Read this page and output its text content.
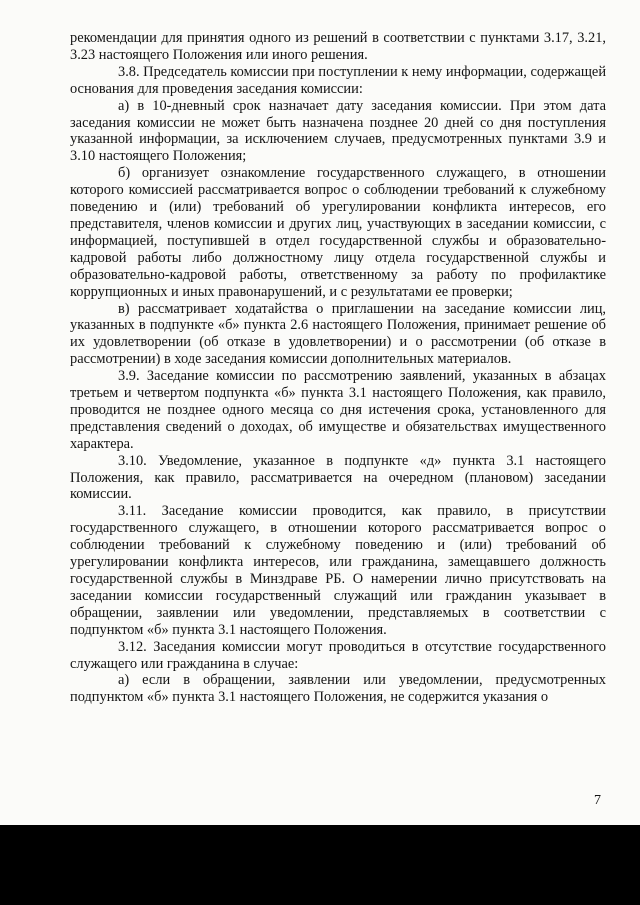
рекомендации для принятия одного из решений в соответствии с пунктами 3.17, 3.21, 3.23 настоящего Положения или иного решения.

3.8. Председатель комиссии при поступлении к нему информации, содержащей основания для проведения заседания комиссии:

а) в 10-дневный срок назначает дату заседания комиссии. При этом дата заседания комиссии не может быть назначена позднее 20 дней со дня поступления указанной информации, за исключением случаев, предусмотренных пунктами 3.9 и 3.10 настоящего Положения;

б) организует ознакомление государственного служащего, в отношении которого комиссией рассматривается вопрос о соблюдении требований к служебному поведению и (или) требований об урегулировании конфликта интересов, его представителя, членов комиссии и других лиц, участвующих в заседании комиссии, с информацией, поступившей в отдел государственной службы и образовательно-кадровой работы либо должностному лицу отдела государственной службы и образовательно-кадровой работы, ответственному за работу по профилактике коррупционных и иных правонарушений, и с результатами ее проверки;

в) рассматривает ходатайства о приглашении на заседание комиссии лиц, указанных в подпункте «б» пункта 2.6 настоящего Положения, принимает решение об их удовлетворении (об отказе в удовлетворении) и о рассмотрении (об отказе в рассмотрении) в ходе заседания комиссии дополнительных материалов.

3.9. Заседание комиссии по рассмотрению заявлений, указанных в абзацах третьем и четвертом подпункта «б» пункта 3.1 настоящего Положения, как правило, проводится не позднее одного месяца со дня истечения срока, установленного для представления сведений о доходах, об имуществе и обязательствах имущественного характера.

3.10. Уведомление, указанное в подпункте «д» пункта 3.1 настоящего Положения, как правило, рассматривается на очередном (плановом) заседании комиссии.

3.11. Заседание комиссии проводится, как правило, в присутствии государственного служащего, в отношении которого рассматривается вопрос о соблюдении требований к служебному поведению и (или) требований об урегулировании конфликта интересов, или гражданина, замещавшего должность государственной службы в Минздраве РБ. О намерении лично присутствовать на заседании комиссии государственный служащий или гражданин указывает в обращении, заявлении или уведомлении, представляемых в соответствии с подпунктом «б» пункта 3.1 настоящего Положения.

3.12. Заседания комиссии могут проводиться в отсутствие государственного служащего или гражданина в случае:

а) если в обращении, заявлении или уведомлении, предусмотренных подпунктом «б» пункта 3.1 настоящего Положения, не содержится указания о

7
